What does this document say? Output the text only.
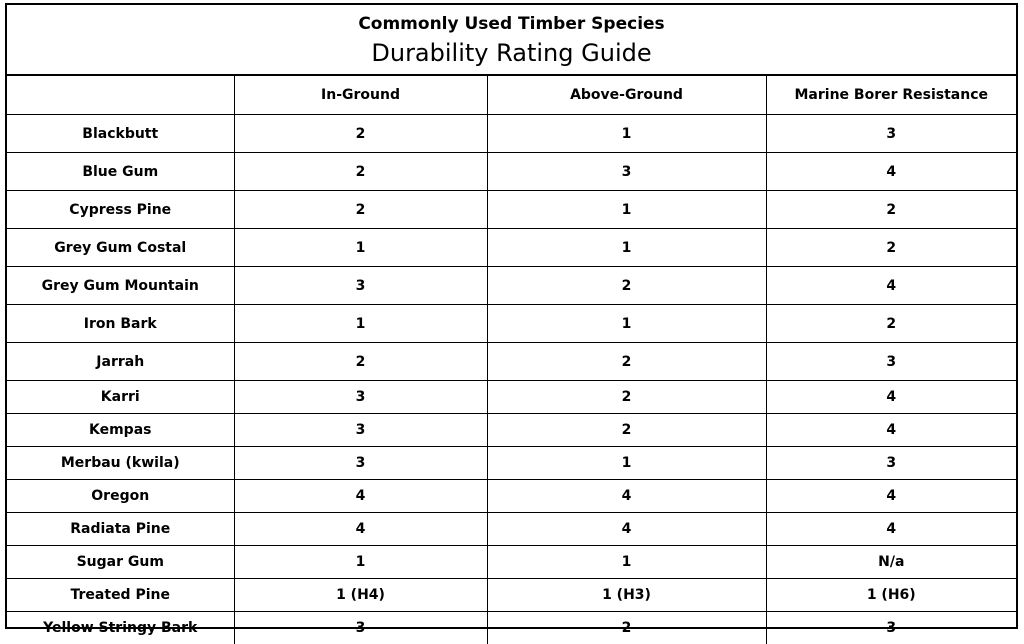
Commonly Used Timber Species
Durability Rating Guide
	In-Ground	Above-Ground	Marine Borer Resistance
Blackbutt	2	1	3
Blue Gum	2	3	4
Cypress Pine	2	1	2
Grey Gum Costal	1	1	2
Grey Gum Mountain	3	2	4
Iron Bark	1	1	2
Jarrah	2	2	3
Karri	3	2	4
Kempas	3	2	4
Merbau (kwila)	3	1	3
Oregon	4	4	4
Radiata Pine	4	4	4
Sugar Gum	1	1	N/a
Treated Pine	1 (H4)	1 (H3)	1 (H6)
Yellow Stringy Bark	3	2	3
